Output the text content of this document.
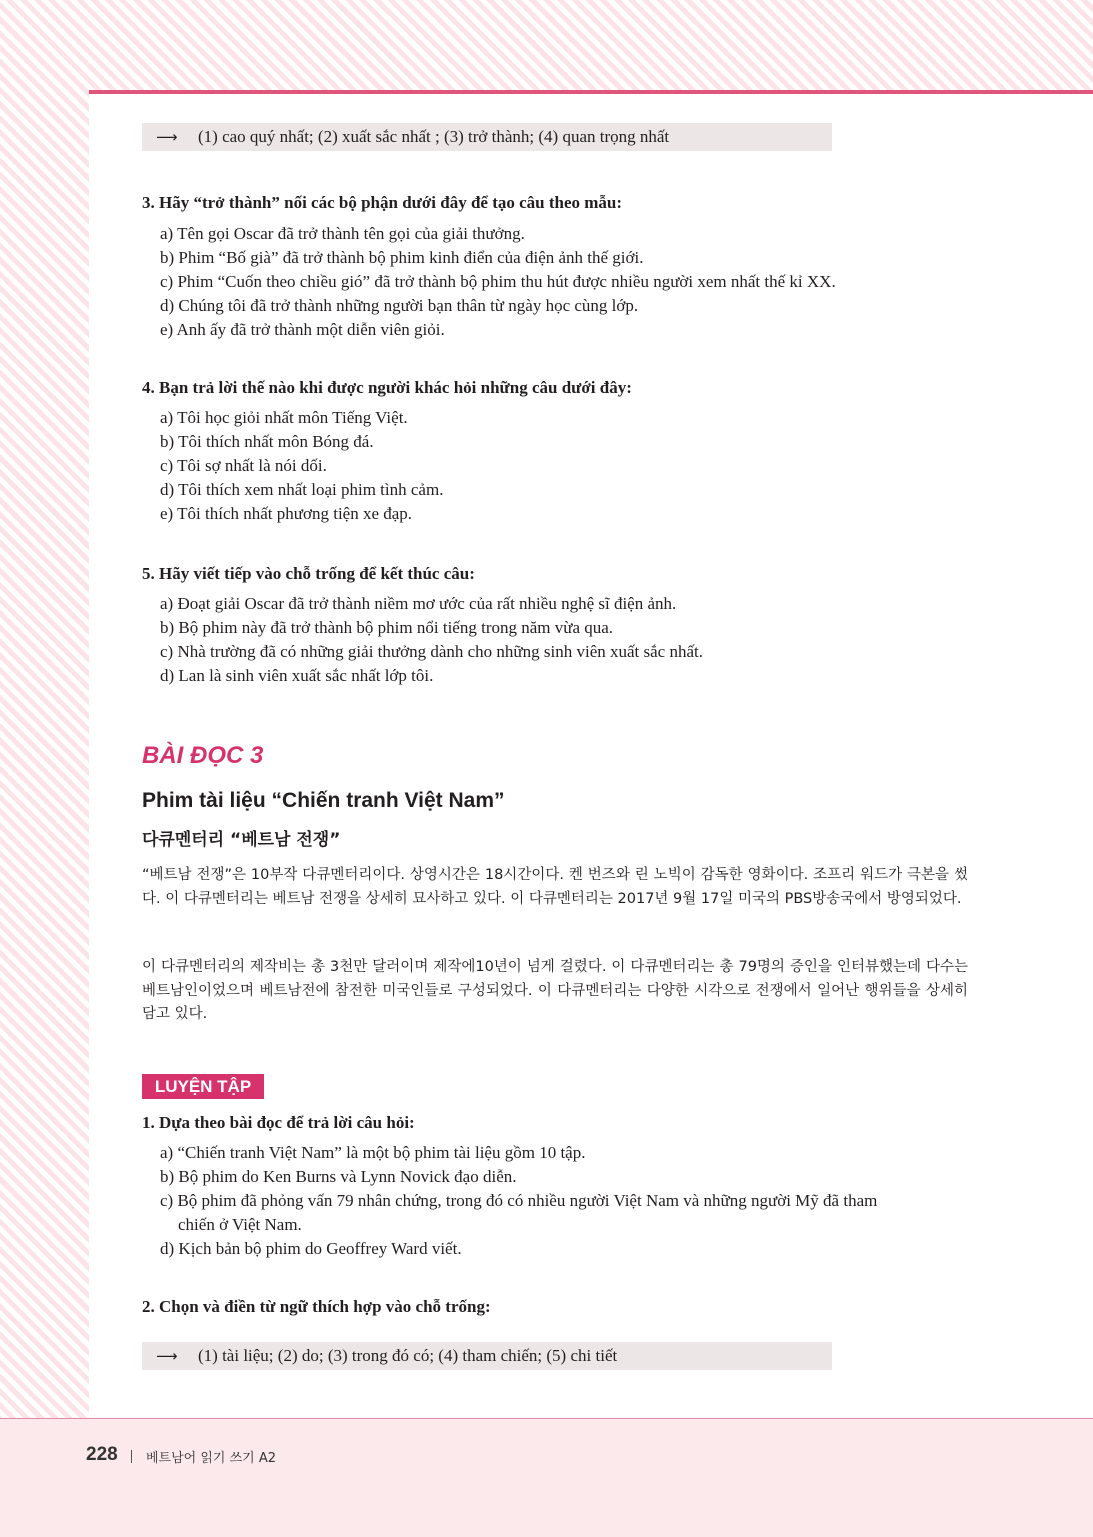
⟶ (1) cao quý nhất; (2) xuất sắc nhất ; (3) trở thành; (4) quan trọng nhất
3. Hãy “trở thành” nối các bộ phận dưới đây để tạo câu theo mẫu:
a) Tên gọi Oscar đã trở thành tên gọi của giải thưởng.
b) Phim “Bố già” đã trở thành bộ phim kinh điển của điện ảnh thế giới.
c) Phim “Cuốn theo chiều gió” đã trở thành bộ phim thu hút được nhiều người xem nhất thế kỉ XX.
d) Chúng tôi đã trở thành những người bạn thân từ ngày học cùng lớp.
e) Anh ấy đã trở thành một diễn viên giỏi.
4. Bạn trả lời thế nào khi được người khác hỏi những câu dưới đây:
a) Tôi học giỏi nhất môn Tiếng Việt.
b) Tôi thích nhất môn Bóng đá.
c) Tôi sợ nhất là nói dối.
d) Tôi thích xem nhất loại phim tình cảm.
e) Tôi thích nhất phương tiện xe đạp.
5. Hãy viết tiếp vào chỗ trống để kết thúc câu:
a) Đoạt giải Oscar đã trở thành niềm mơ ước của rất nhiều nghệ sĩ điện ảnh.
b) Bộ phim này đã trở thành bộ phim nổi tiếng trong năm vừa qua.
c) Nhà trường đã có những giải thưởng dành cho những sinh viên xuất sắc nhất.
d) Lan là sinh viên xuất sắc nhất lớp tôi.
BÀI ĐỌC 3
Phim tài liệu “Chiến tranh Việt Nam”
다큐멘터리 “베트남 전쟁”
“베트남 전쟁”은 10부작 다큐멘터리이다. 상영시간은 18시간이다. 켄 번즈와 린 노빅이 감독한 영화이다. 조프리 워드가 극본을 썼다. 이 다큐멘터리는 베트남 전쟁을 상세히 묘사하고 있다. 이 다큐멘터리는 2017년 9월 17일 미국의 PBS방송국에서 방영되었다.
이 다큐멘터리의 제작비는 총 3천만 달러이며 제작에10년이 넘게 걸렸다. 이 다큐멘터리는 총 79명의 증인을 인터뷰했는데 다수는 베트남인이었으며 베트남전에 참전한 미국인들로 구성되었다. 이 다큐멘터리는 다양한 시각으로 전쟁에서 일어난 행위들을 상세히 담고 있다.
LUYỆN TẬP
1. Dựa theo bài đọc để trả lời câu hỏi:
a) “Chiến tranh Việt Nam” là một bộ phim tài liệu gồm 10 tập.
b) Bộ phim do Ken Burns và Lynn Novick đạo diễn.
c) Bộ phim đã phỏng vấn 79 nhân chứng, trong đó có nhiều người Việt Nam và những người Mỹ đã tham
chiến ở Việt Nam.
d) Kịch bản bộ phim do Geoffrey Ward viết.
2. Chọn và điền từ ngữ thích hợp vào chỗ trống:
⟶ (1) tài liệu; (2) do; (3) trong đó có; (4) tham chiến; (5) chi tiết
228 베트남어 읽기 쓰기 A2
